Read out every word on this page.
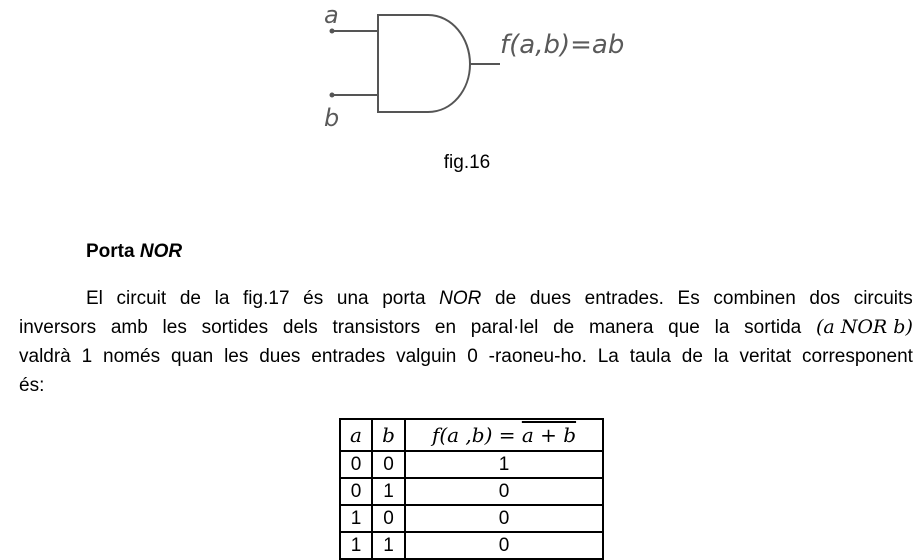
a
b
f(a,b)=ab
fig.16
Porta NOR
El circuit de la fig.17 és una porta NOR de dues entrades. Es combinen dos circuits
inversors amb les sortides dels transistors en paral·lel de manera que la sortida (a NOR b)
valdrà 1 només quan les dues entrades valguin 0 -raoneu-ho. La taula de la veritat corresponent
és:
a	b	f(a ,b) = a + b
0	0	1
0	1	0
1	0	0
1	1	0
